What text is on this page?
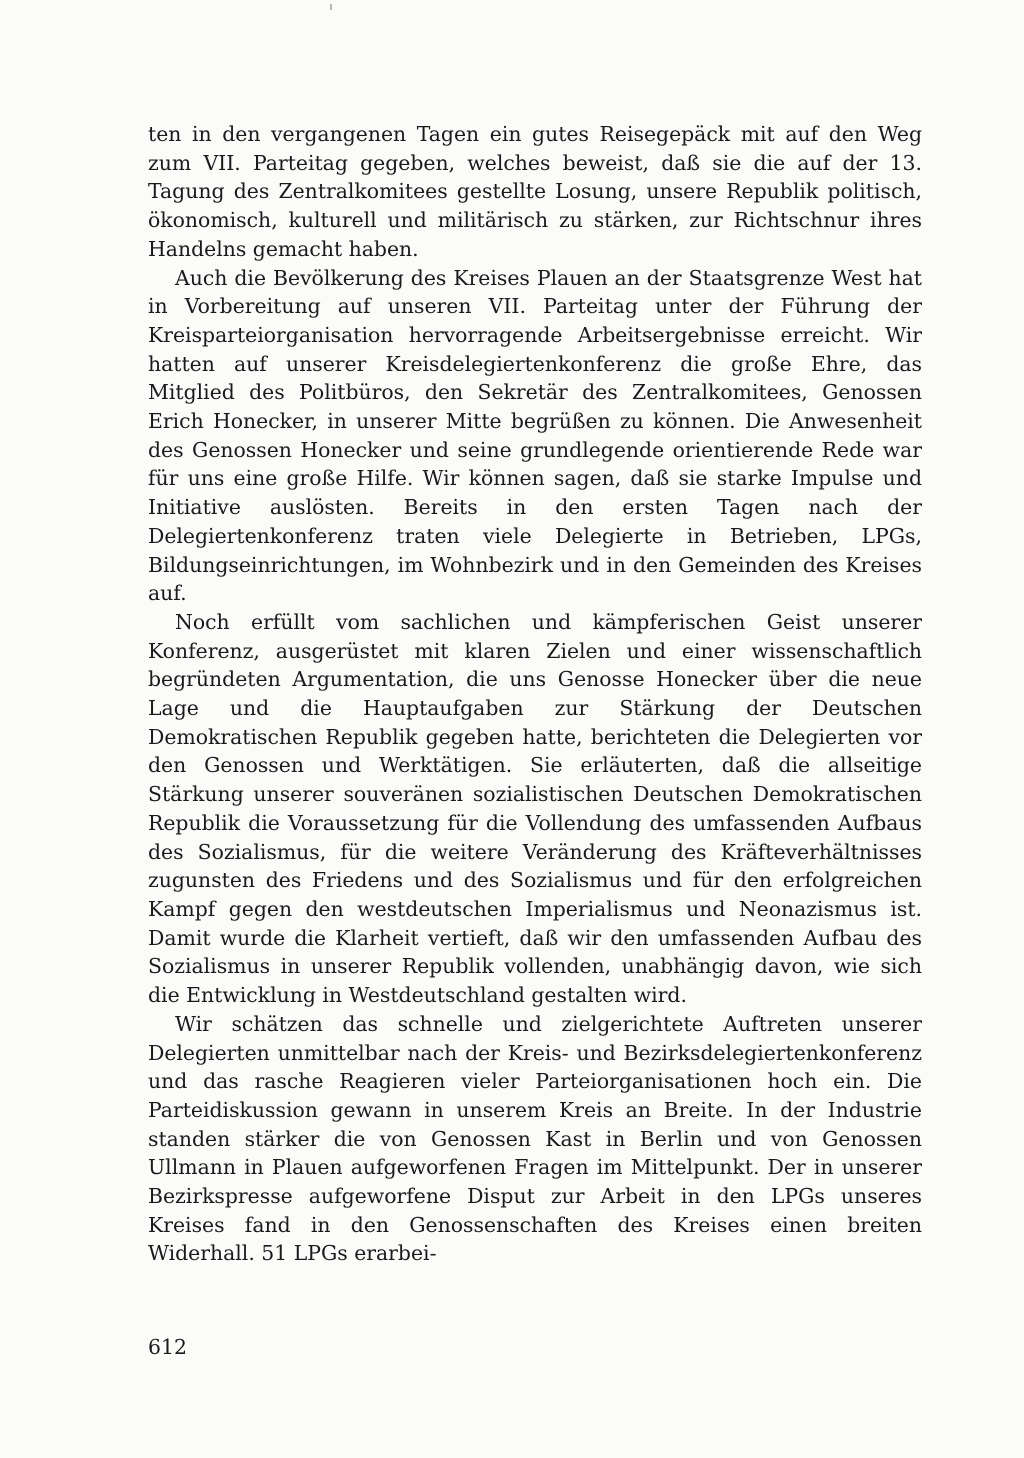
ten in den vergangenen Tagen ein gutes Reisegepäck mit auf den Weg zum VII. Parteitag gegeben, welches beweist, daß sie die auf der 13. Tagung des Zentralkomitees gestellte Losung, unsere Republik politisch, ökonomisch, kulturell und militärisch zu stärken, zur Richtschnur ihres Handelns gemacht haben.

Auch die Bevölkerung des Kreises Plauen an der Staatsgrenze West hat in Vorbereitung auf unseren VII. Parteitag unter der Führung der Kreisparteiorganisation hervorragende Arbeitsergebnisse erreicht. Wir hatten auf unserer Kreisdelegiertenkonferenz die große Ehre, das Mitglied des Politbüros, den Sekretär des Zentralkomitees, Genossen Erich Honecker, in unserer Mitte begrüßen zu können. Die Anwesenheit des Genossen Honecker und seine grundlegende orientierende Rede war für uns eine große Hilfe. Wir können sagen, daß sie starke Impulse und Initiative auslösten. Bereits in den ersten Tagen nach der Delegiertenkonferenz traten viele Delegierte in Betrieben, LPGs, Bildungseinrichtungen, im Wohnbezirk und in den Gemeinden des Kreises auf.

Noch erfüllt vom sachlichen und kämpferischen Geist unserer Konferenz, ausgerüstet mit klaren Zielen und einer wissenschaftlich begründeten Argumentation, die uns Genosse Honecker über die neue Lage und die Hauptaufgaben zur Stärkung der Deutschen Demokratischen Republik gegeben hatte, berichteten die Delegierten vor den Genossen und Werktätigen. Sie erläuterten, daß die allseitige Stärkung unserer souveränen sozialistischen Deutschen Demokratischen Republik die Voraussetzung für die Vollendung des umfassenden Aufbaus des Sozialismus, für die weitere Veränderung des Kräfteverhältnisses zugunsten des Friedens und des Sozialismus und für den erfolgreichen Kampf gegen den westdeutschen Imperialismus und Neonazismus ist. Damit wurde die Klarheit vertieft, daß wir den umfassenden Aufbau des Sozialismus in unserer Republik vollenden, unabhängig davon, wie sich die Entwicklung in Westdeutschland gestalten wird.

Wir schätzen das schnelle und zielgerichtete Auftreten unserer Delegierten unmittelbar nach der Kreis- und Bezirksdelegiertenkonferenz und das rasche Reagieren vieler Parteiorganisationen hoch ein. Die Parteidiskussion gewann in unserem Kreis an Breite. In der Industrie standen stärker die von Genossen Kast in Berlin und von Genossen Ullmann in Plauen aufgeworfenen Fragen im Mittelpunkt. Der in unserer Bezirkspresse aufgeworfene Disput zur Arbeit in den LPGs unseres Kreises fand in den Genossenschaften des Kreises einen breiten Widerhall. 51 LPGs erarbei-

612
